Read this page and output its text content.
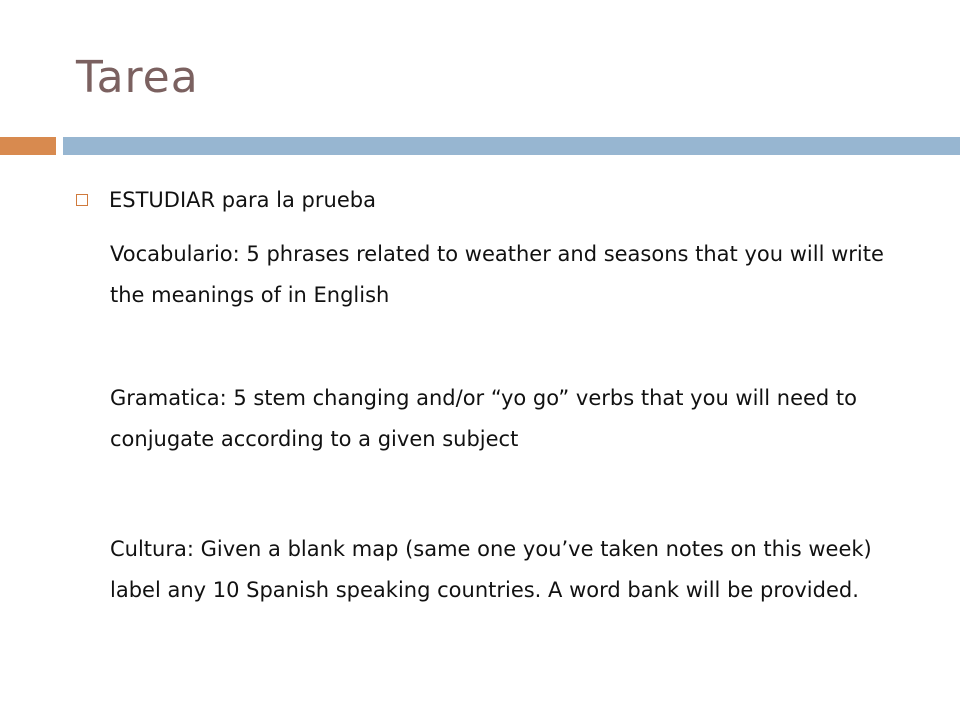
Tarea
ESTUDIAR para la prueba
Vocabulario: 5 phrases related to weather and seasons that you will write the meanings of in English
Gramatica: 5 stem changing and/or “yo go” verbs that you will need to conjugate according to a given subject
Cultura: Given a blank map (same one you’ve taken notes on this week) label any 10 Spanish speaking countries. A word bank will be provided.
